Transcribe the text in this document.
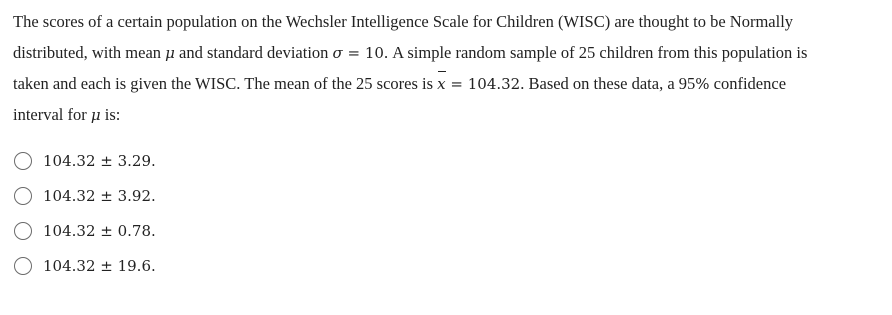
The scores of a certain population on the Wechsler Intelligence Scale for Children (WISC) are thought to be Normally
distributed, with mean μ and standard deviation σ = 10. A simple random sample of 25 children from this population is
taken and each is given the WISC. The mean of the 25 scores is x = 104.32. Based on these data, a 95% confidence
interval for μ is:
104.32 ± 3.29.
104.32 ± 3.92.
104.32 ± 0.78.
104.32 ± 19.6.
